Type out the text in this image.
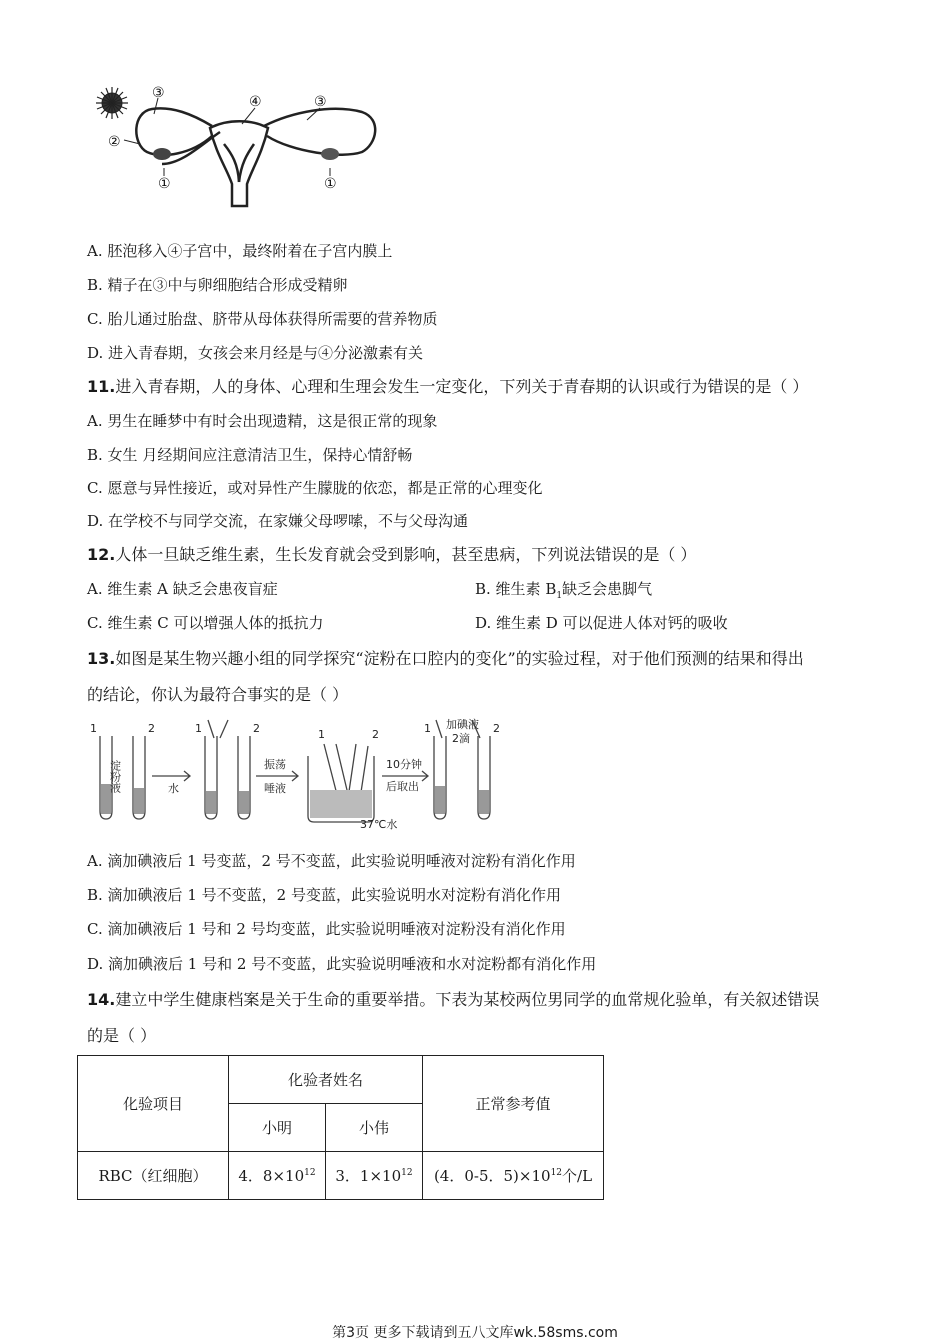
③
④	③
②
①	①
A. 胚泡移入④子宫中，最终附着在子宫内膜上
B. 精子在③中与卵细胞结合形成受精卵
C. 胎儿通过胎盘、脐带从母体获得所需要的营养物质
D. 进入青春期，女孩会来月经是与④分泌激素有关
11.进入青春期，人的身体、心理和生理会发生一定变化，下列关于青春期的认识或行为错误的是（ ）
A. 男生在睡梦中有时会出现遗精，这是很正常的现象
B. 女生 月经期间应注意清洁卫生，保持心情舒畅
C. 愿意与异性接近，或对异性产生朦胧的依恋，都是正常的心理变化
D. 在学校不与同学交流，在家嫌父母啰嗦，不与父母沟通
12.人体一旦缺乏维生素，生长发育就会受到影响，甚至患病，下列说法错误的是（ ）
A. 维生素 A 缺乏会患夜盲症	B. 维生素 $B_1$缺乏会患脚气
C. 维生素 C 可以增强人体的抵抗力	D. 维生素 D 可以促进人体对钙的吸收
13.如图是某生物兴趣小组的同学探究“淀粉在口腔内的变化”的实验过程，对于他们预测的结果和得出
的结论，你认为最符合事实的是（ ）
1	2
淀粉液	水
1	2
振荡
唾液
1	2
10分钟
后取出
37℃水
1 加碘液
2滴
2
A. 滴加碘液后 1 号变蓝，2 号不变蓝，此实验说明唾液对淀粉有消化作用
B. 滴加碘液后 1 号不变蓝，2 号变蓝，此实验说明水对淀粉有消化作用
C. 滴加碘液后 1 号和 2 号均变蓝，此实验说明唾液对淀粉没有消化作用
D. 滴加碘液后 1 号和 2 号不变蓝，此实验说明唾液和水对淀粉都有消化作用
14.建立中学生健康档案是关于生命的重要举措。下表为某校两位男同学的血常规化验单，有关叙述错误
的是（ ）
化验项目	化验者姓名		正常参考值
	小明	小伟	
RBC（红细胞）	4．$8\times 10^{12}$	3．$1\times 10^{12}$	(4．0-5．$5)\times 10^{12}$个/L
第3页 更多下载请到五八文库wk.58sms.com
